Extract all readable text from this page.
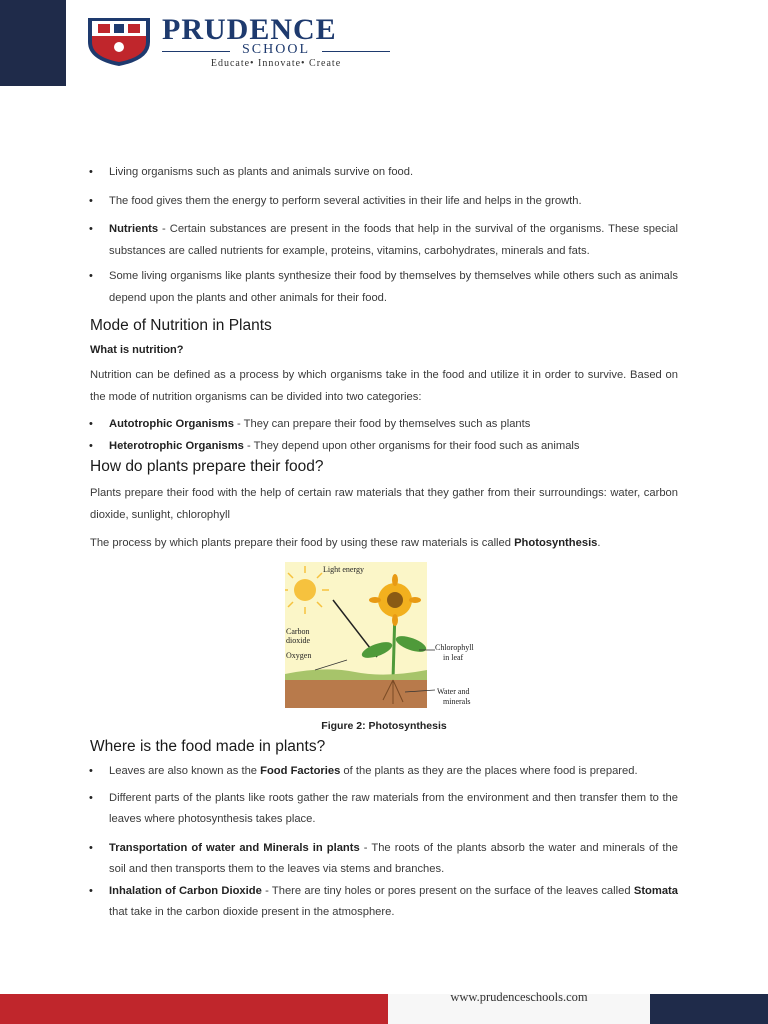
PRUDENCE
SCHOOL
Educate• Innovate• Create
• Living organisms such as plants and animals survive on food.
• The food gives them the energy to perform several activities in their life and helps in the growth.
• Nutrients - Certain substances are present in the foods that help in the survival of the organisms. These special substances are called nutrients for example, proteins, vitamins, carbohydrates, minerals and fats.
• Some living organisms like plants synthesize their food by themselves by themselves while others such as animals depend upon the plants and other animals for their food.
Mode of Nutrition in Plants
What is nutrition?

Nutrition can be defined as a process by which organisms take in the food and utilize it in order to survive. Based on the mode of nutrition organisms can be divided into two categories:

• Autotrophic Organisms - They can prepare their food by themselves such as plants
• Heterotrophic Organisms - They depend upon other organisms for their food such as animals
How do plants prepare their food?

Plants prepare their food with the help of certain raw materials that they gather from their surroundings: water, carbon dioxide, sunlight, chlorophyll

The process by which plants prepare their food by using these raw materials is called Photosynthesis.

Light energy
Carbon
dioxide
Oxygen
Chlorophyll
in leaf
Water and
minerals
Figure 2: Photosynthesis
Where is the food made in plants?
• Leaves are also known as the Food Factories of the plants as they are the places where food is prepared.
• Different parts of the plants like roots gather the raw materials from the environment and then transfer them to the leaves where photosynthesis takes place.
• Transportation of water and Minerals in plants - The roots of the plants absorb the water and minerals of the soil and then transports them to the leaves via stems and branches.
• Inhalation of Carbon Dioxide - There are tiny holes or pores present on the surface of the leaves called Stomata that take in the carbon dioxide present in the atmosphere.
www.prudenceschools.com
